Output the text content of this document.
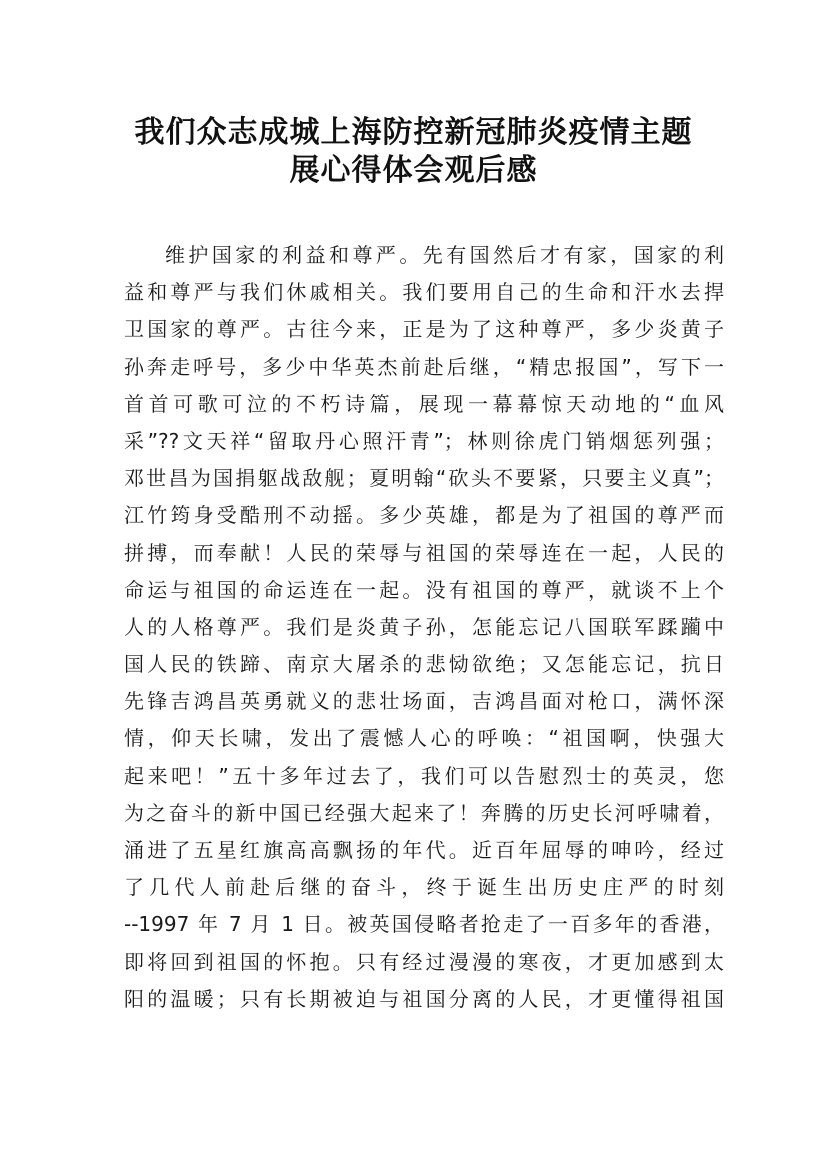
我们众志成城上海防控新冠肺炎疫情主题
展心得体会观后感
维护国家的利益和尊严。先有国然后才有家，国家的利
益和尊严与我们休戚相关。我们要用自己的生命和汗水去捍
卫国家的尊严。古往今来，正是为了这种尊严，多少炎黄子
孙奔走呼号，多少中华英杰前赴后继，“精忠报国”，写下一
首首可歌可泣的不朽诗篇，展现一幕幕惊天动地的“血风
采”??文天祥“留取丹心照汗青”；林则徐虎门销烟惩列强；
邓世昌为国捐躯战敌舰；夏明翰“砍头不要紧，只要主义真”；
江竹筠身受酷刑不动摇。多少英雄，都是为了祖国的尊严而
拼搏，而奉献！人民的荣辱与祖国的荣辱连在一起，人民的
命运与祖国的命运连在一起。没有祖国的尊严，就谈不上个
人的人格尊严。我们是炎黄子孙，怎能忘记八国联军蹂躏中
国人民的铁蹄、南京大屠杀的悲恸欲绝；又怎能忘记，抗日
先锋吉鸿昌英勇就义的悲壮场面，吉鸿昌面对枪口，满怀深
情，仰天长啸，发出了震憾人心的呼唤：“祖国啊，快强大
起来吧！”五十多年过去了，我们可以告慰烈士的英灵，您
为之奋斗的新中国已经强大起来了！奔腾的历史长河呼啸着，
涌进了五星红旗高高飘扬的年代。近百年屈辱的呻吟，经过
了几代人前赴后继的奋斗，终于诞生出历史庄严的时刻
--1997 年 7 月 1 日。被英国侵略者抢走了一百多年的香港，
即将回到祖国的怀抱。只有经过漫漫的寒夜，才更加感到太
阳的温暖；只有长期被迫与祖国分离的人民，才更懂得祖国
